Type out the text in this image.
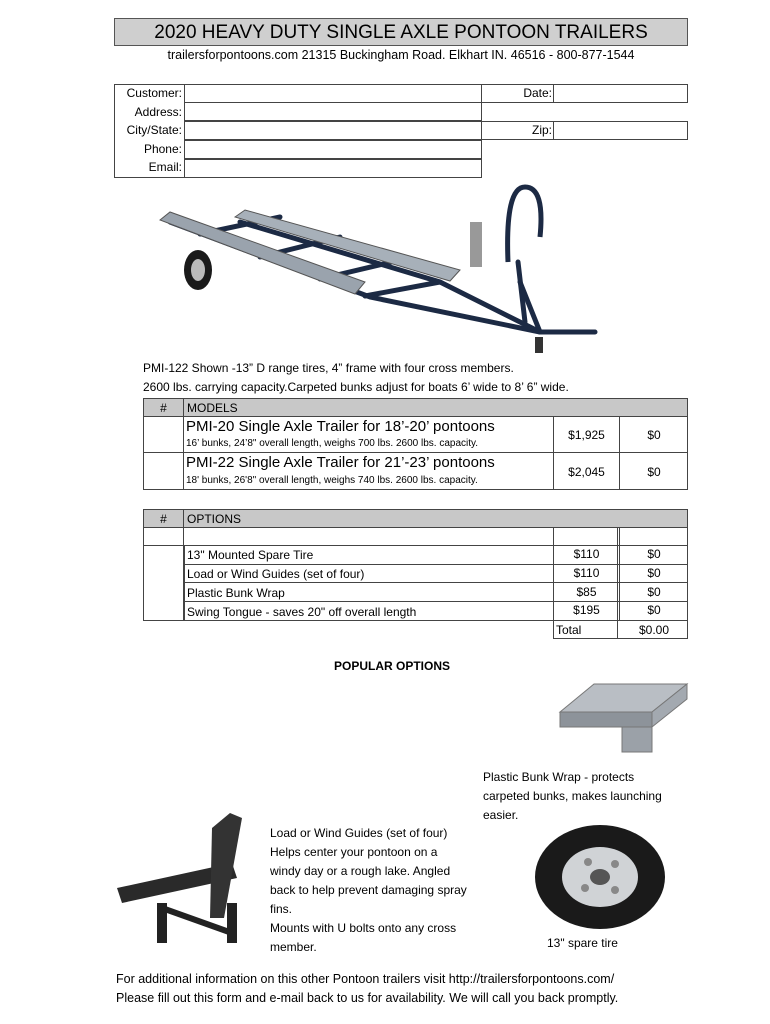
2020 HEAVY DUTY SINGLE AXLE PONTOON TRAILERS
trailersforpontoons.com 21315 Buckingham Road. Elkhart IN. 46516 - 800-877-1544
Customer:
Address:
City/State:
Phone:
Email:
Date:
Zip:
PMI-122 Shown -13” D range tires, 4” frame with four cross members.
2600 lbs. carrying capacity.Carpeted bunks adjust for boats 6’ wide to 8’ 6” wide.
#	MODELS
PMI-20 Single Axle Trailer for 18’-20’ pontoons
16’ bunks, 24’8" overall length, weighs 700 lbs. 2600 lbs. capacity.
$1,925	$0
PMI-22 Single Axle Trailer for 21’-23’ pontoons
18' bunks, 26'8" overall length, weighs 740 lbs. 2600 lbs. capacity.
$2,045	$0
#	OPTIONS
13" Mounted Spare Tire	$110	$0
Load or Wind Guides (set of four)	$110	$0
Plastic Bunk Wrap	$85	$0
Swing Tongue - saves 20" off overall length	$195	$0
Total	$0.00
POPULAR OPTIONS
Plastic Bunk Wrap - protects
carpeted bunks, makes launching
easier.
Load or Wind Guides (set of four)
Helps center your pontoon on a
windy day or a rough lake. Angled
back to help prevent damaging spray
fins.
Mounts with U bolts onto any cross
member.	13" spare tire
For additional information on this other Pontoon trailers visit http://trailersforpontoons.com/
Please fill out this form and e-mail back to us for availability. We will call you back promptly.
